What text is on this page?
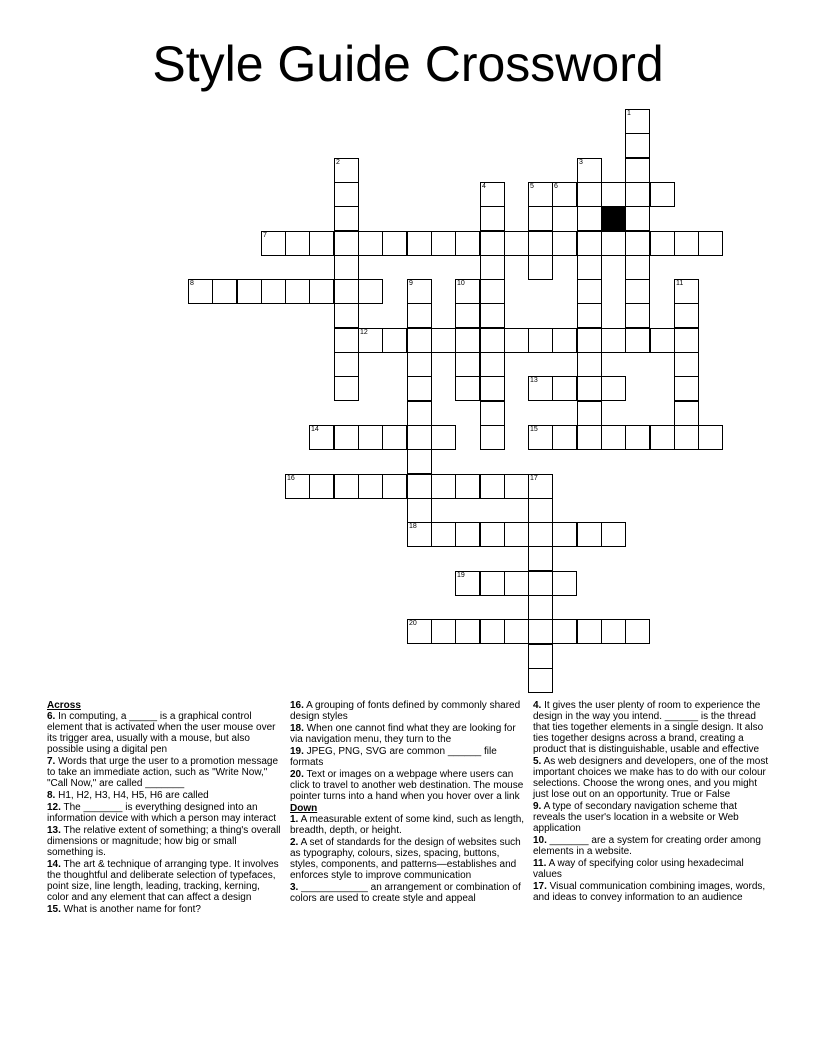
Style Guide Crossword
1
2	3
4	5	6
7
8	9	10	11
12
13
14	15
16	17
18
19
20
Across

6. In computing, a _____ is a graphical control element that is activated when the user mouse over its trigger area, usually with a mouse, but also possible using a digital pen

7. Words that urge the user to a promotion message to take an immediate action, such as "Write Now," "Call Now," are called _______

8. H1, H2, H3, H4, H5, H6 are called

12. The _______ is everything designed into an information device with which a person may interact

13. The relative extent of something; a thing's overall dimensions or magnitude; how big or small something is.

14. The art & technique of arranging type. It involves the thoughtful and deliberate selection of typefaces, point size, line length, leading, tracking, kerning, color and any element that can affect a design

15. What is another name for font?

16. A grouping of fonts defined by commonly shared design styles

18. When one cannot find what they are looking for via navigation menu, they turn to the

19. JPEG, PNG, SVG are common ______ file formats

20. Text or images on a webpage where users can click to travel to another web destination. The mouse pointer turns into a hand when you hover over a link

Down

1. A measurable extent of some kind, such as length, breadth, depth, or height.

2. A set of standards for the design of websites such as typography, colours, sizes, spacing, buttons, styles, components, and patterns—establishes and enforces style to improve communication

3. ____________ an arrangement or combination of colors are used to create style and appeal

4. It gives the user plenty of room to experience the design in the way you intend. ______ is the thread that ties together elements in a single design. It also ties together designs across a brand, creating a product that is distinguishable, usable and effective

5. As web designers and developers, one of the most important choices we make has to do with our colour selections. Choose the wrong ones, and you might just lose out on an opportunity. True or False

9. A type of secondary navigation scheme that reveals the user's location in a website or Web application

10. _______ are a system for creating order among elements in a website.

11. A way of specifying color using hexadecimal values

17. Visual communication combining images, words, and ideas to convey information to an audience
